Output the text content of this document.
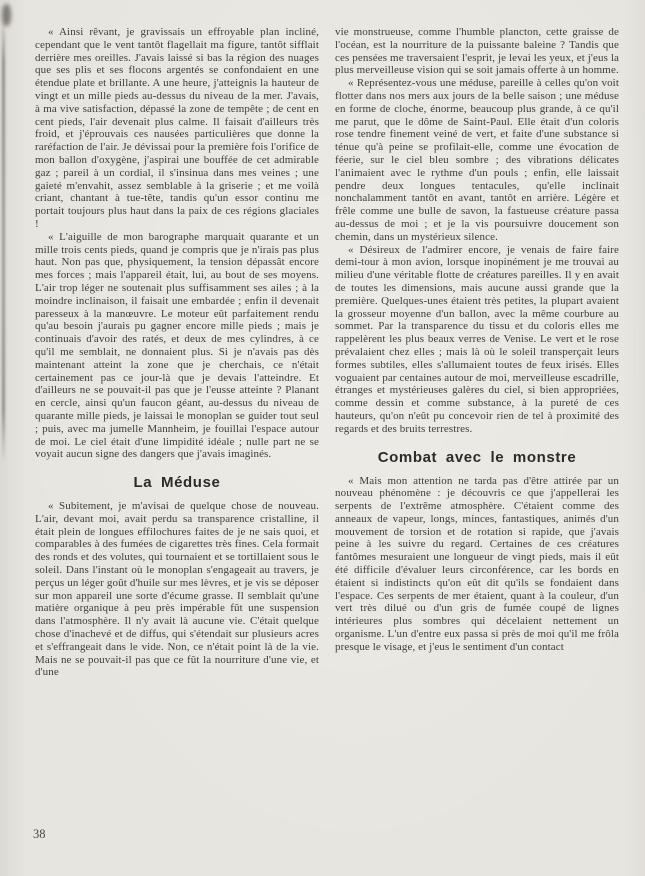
« Ainsi rêvant, je gravissais un effroyable plan incliné, cependant que le vent tantôt flagellait ma figure, tantôt sifflait derrière mes oreilles. J'avais laissé si bas la région des nuages que ses plis et ses flocons argentés se confondaient en une étendue plate et brillante. A une heure, j'atteignis la hauteur de vingt et un mille pieds au-dessus du niveau de la mer. J'avais, à ma vive satisfaction, dépassé la zone de tempête ; de cent en cent pieds, l'air devenait plus calme. Il faisait d'ailleurs très froid, et j'éprouvais ces nausées particulières que donne la raréfaction de l'air. Je dévissai pour la première fois l'orifice de mon ballon d'oxygène, j'aspirai une bouffée de cet admirable gaz ; pareil à un cordial, il s'insinua dans mes veines ; une gaieté m'envahit, assez semblable à la griserie ; et me voilà criant, chantant à tue-tête, tandis qu'un essor continu me portait toujours plus haut dans la paix de ces régions glaciales !

« L'aiguille de mon barographe marquait quarante et un mille trois cents pieds, quand je compris que je n'irais pas plus haut. Non pas que, physiquement, la tension dépassât encore mes forces ; mais l'appareil était, lui, au bout de ses moyens. L'air trop léger ne soutenait plus suffisamment ses ailes ; à la moindre inclinaison, il faisait une embardée ; enfin il devenait paresseux à la manœuvre. Le moteur eût parfaitement rendu qu'au besoin j'aurais pu gagner encore mille pieds ; mais je continuais d'avoir des ratés, et deux de mes cylindres, à ce qu'il me semblait, ne donnaient plus. Si je n'avais pas dès maintenant atteint la zone que je cherchais, ce n'était certainement pas ce jour-là que je devais l'atteindre. Et d'ailleurs ne se pouvait-il pas que je l'eusse atteinte ? Planant en cercle, ainsi qu'un faucon géant, au-dessus du niveau de quarante mille pieds, je laissai le monoplan se guider tout seul ; puis, avec ma jumelle Mannheim, je fouillai l'espace autour de moi. Le ciel était d'une limpidité idéale ; nulle part ne se voyait aucun signe des dangers que j'avais imaginés.

La Méduse

« Subitement, je m'avisai de quelque chose de nouveau. L'air, devant moi, avait perdu sa transparence cristalline, il était plein de longues effilochures faites de je ne sais quoi, et comparables à des fumées de cigarettes très fines. Cela formait des ronds et des volutes, qui tournaient et se tortillaient sous le soleil. Dans l'instant où le monoplan s'engageait au travers, je perçus un léger goût d'huile sur mes lèvres, et je vis se déposer sur mon appareil une sorte d'écume grasse. Il semblait qu'une matière organique à peu près impérable fût une suspension dans l'atmosphère. Il n'y avait là aucune vie. C'était quelque chose d'inachevé et de diffus, qui s'étendait sur plusieurs acres et s'effrangeait dans le vide. Non, ce n'était point là de la vie. Mais ne se pouvait-il pas que ce fût la nourriture d'une vie, et d'une

vie monstrueuse, comme l'humble plancton, cette graisse de l'océan, est la nourriture de la puissante baleine ? Tandis que ces pensées me traversaient l'esprit, je levai les yeux, et j'eus la plus merveilleuse vision qui se soit jamais offerte à un homme.

« Représentez-vous une méduse, pareille à celles qu'on voit flotter dans nos mers aux jours de la belle saison ; une méduse en forme de cloche, énorme, beaucoup plus grande, à ce qu'il me parut, que le dôme de Saint-Paul. Elle était d'un coloris rose tendre finement veiné de vert, et faite d'une substance si ténue qu'à peine se profilait-elle, comme une évocation de féerie, sur le ciel bleu sombre ; des vibrations délicates l'animaient avec le rythme d'un pouls ; enfin, elle laissait pendre deux longues tentacules, qu'elle inclinait nonchalamment tantôt en avant, tantôt en arrière. Légère et frêle comme une bulle de savon, la fastueuse créature passa au-dessus de moi ; et je la vis poursuivre doucement son chemin, dans un mystérieux silence.

« Désireux de l'admirer encore, je venais de faire faire demi-tour à mon avion, lorsque inopinément je me trouvai au milieu d'une véritable flotte de créatures pareilles. Il y en avait de toutes les dimensions, mais aucune aussi grande que la première. Quelques-unes étaient très petites, la plupart avaient la grosseur moyenne d'un ballon, avec la même courbure au sommet. Par la transparence du tissu et du coloris elles me rappelèrent les plus beaux verres de Venise. Le vert et le rose prévalaient chez elles ; mais là où le soleil transperçait leurs formes subtiles, elles s'allumaient toutes de feux irisés. Elles voguaient par centaines autour de moi, merveilleuse escadrille, étranges et mystérieuses galères du ciel, si bien appropriées, comme dessin et comme substance, à la pureté de ces hauteurs, qu'on n'eût pu concevoir rien de tel à proximité des regards et des bruits terrestres.

Combat avec le monstre

« Mais mon attention ne tarda pas d'être attirée par un nouveau phénomène : je découvris ce que j'appellerai les serpents de l'extrême atmosphère. C'étaient comme des anneaux de vapeur, longs, minces, fantastiques, animés d'un mouvement de torsion et de rotation si rapide, que j'avais peine à les suivre du regard. Certaines de ces créatures fantômes mesuraient une longueur de vingt pieds, mais il eût été difficile d'évaluer leurs circonférence, car les bords en étaient si indistincts qu'on eût dit qu'ils se fondaient dans l'espace. Ces serpents de mer étaient, quant à la couleur, d'un vert très dilué ou d'un gris de fumée coupé de lignes intérieures plus sombres qui décelaient nettement un organisme. L'un d'entre eux passa si près de moi qu'il me frôla presque le visage, et j'eus le sentiment d'un contact

38
